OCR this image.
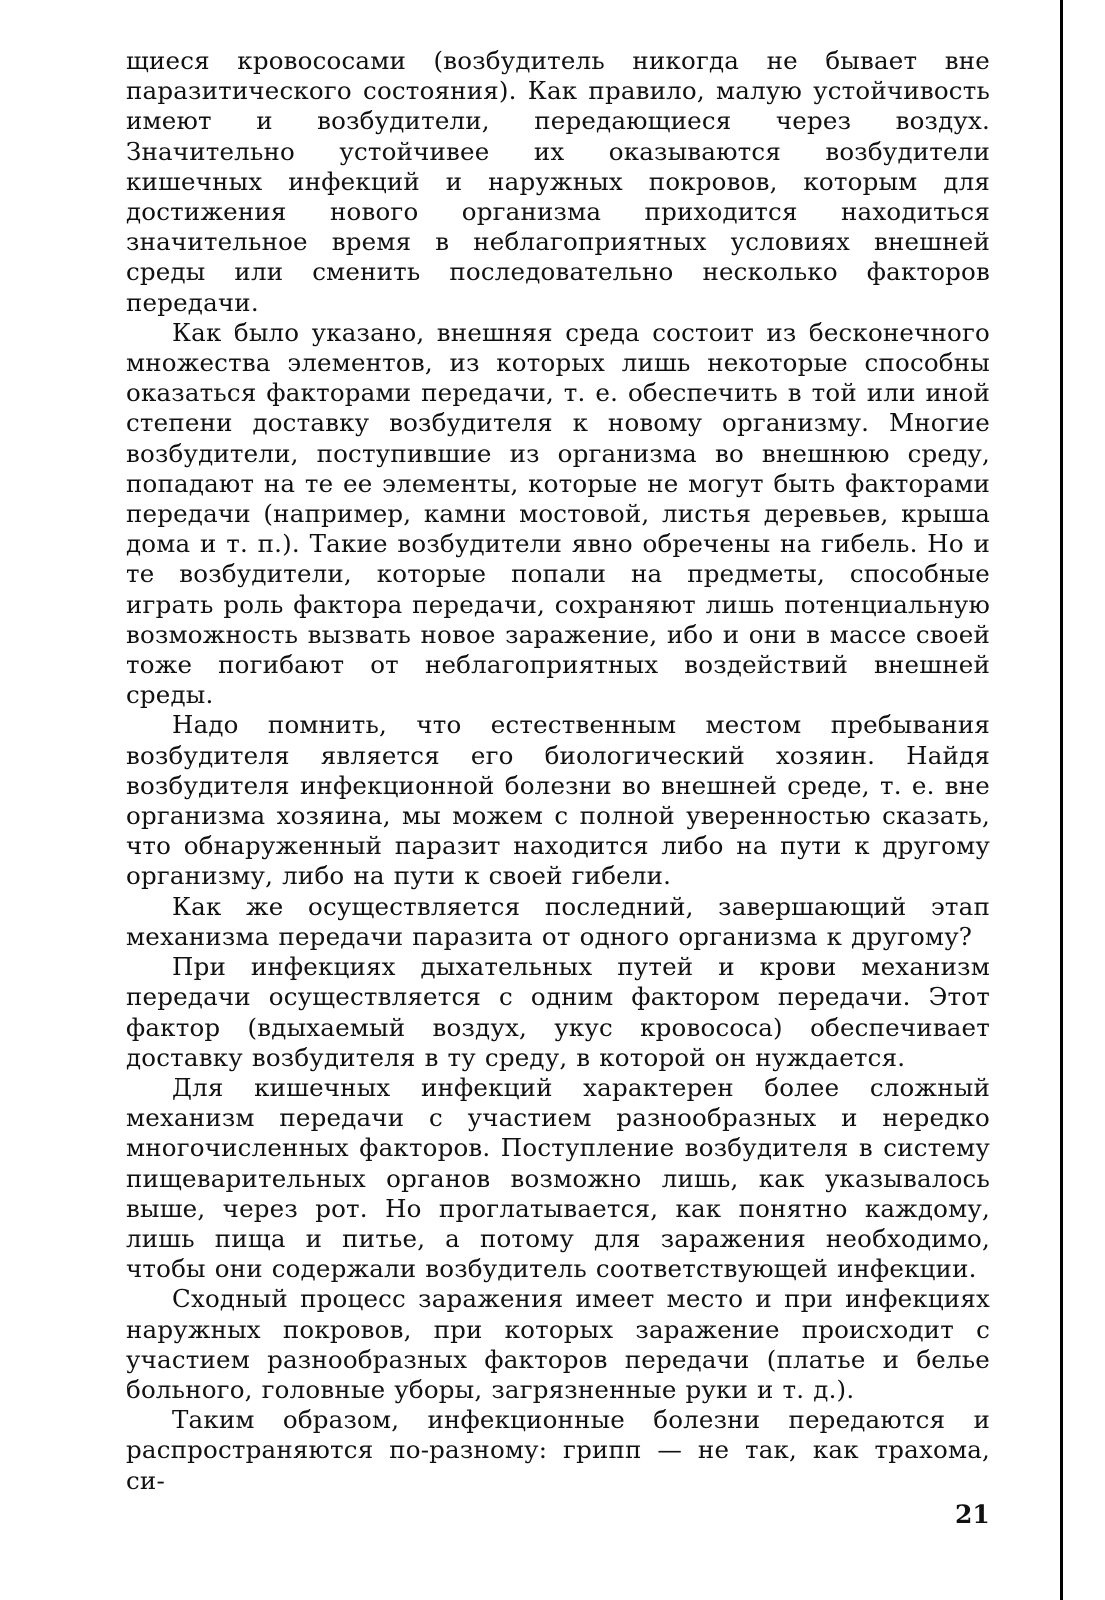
щиеся кровососами (возбудитель никогда не бывает вне паразитического состояния). Как правило, малую устойчивость имеют и возбудители, передающиеся через воздух. Значительно устойчивее их оказываются возбудители кишечных инфекций и наружных покровов, которым для достижения нового организма приходится находиться значительное время в неблагоприятных условиях внешней среды или сменить последовательно несколько факторов передачи.

Как было указано, внешняя среда состоит из бесконечного множества элементов, из которых лишь некоторые способны оказаться факторами передачи, т. е. обеспечить в той или иной степени доставку возбудителя к новому организму. Многие возбудители, поступившие из организма во внешнюю среду, попадают на те ее элементы, которые не могут быть факторами передачи (например, камни мостовой, листья деревьев, крыша дома и т. п.). Такие возбудители явно обречены на гибель. Но и те возбудители, которые попали на предметы, способные играть роль фактора передачи, сохраняют лишь потенциальную возможность вызвать новое заражение, ибо и они в массе своей тоже погибают от неблагоприятных воздействий внешней среды.

Надо помнить, что естественным местом пребывания возбудителя является его биологический хозяин. Найдя возбудителя инфекционной болезни во внешней среде, т. е. вне организма хозяина, мы можем с полной уверенностью сказать, что обнаруженный паразит находится либо на пути к другому организму, либо на пути к своей гибели.

Как же осуществляется последний, завершающий этап механизма передачи паразита от одного организма к другому?

При инфекциях дыхательных путей и крови механизм передачи осуществляется с одним фактором передачи. Этот фактор (вдыхаемый воздух, укус кровососа) обеспечивает доставку возбудителя в ту среду, в которой он нуждается.

Для кишечных инфекций характерен более сложный механизм передачи с участием разнообразных и нередко многочисленных факторов. Поступление возбудителя в систему пищеварительных органов возможно лишь, как указывалось выше, через рот. Но проглатывается, как понятно каждому, лишь пища и питье, а потому для заражения необходимо, чтобы они содержали возбудитель соответствующей инфекции.

Сходный процесс заражения имеет место и при инфекциях наружных покровов, при которых заражение происходит с участием разнообразных факторов передачи (платье и белье больного, головные уборы, загрязненные руки и т. д.).

Таким образом, инфекционные болезни передаются и распространяются по-разному: грипп — не так, как трахома, си-

21
